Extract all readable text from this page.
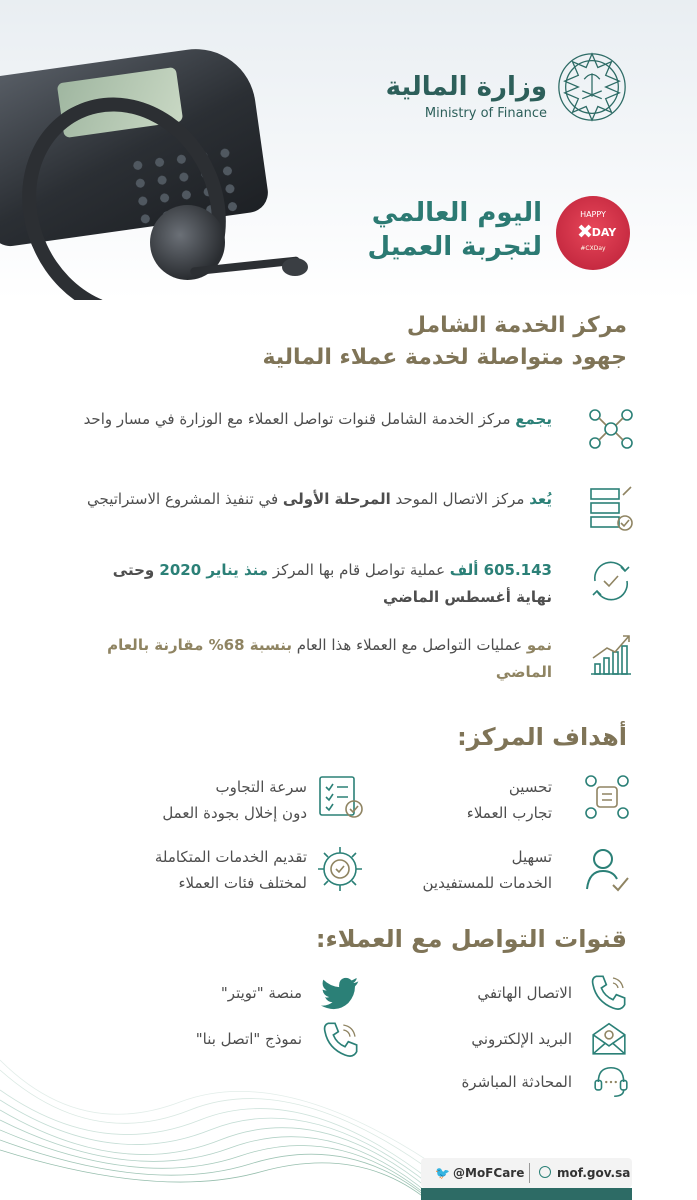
وزارة المالية
Ministry of Finance
HAPPY
DAY
#CXDay
اليوم العالمي
لتجربة العميل
مركز الخدمة الشامل
جهود متواصلة لخدمة عملاء المالية
يجمع مركز الخدمة الشامل قنوات تواصل العملاء مع الوزارة في مسار واحد
يُعد مركز الاتصال الموحد المرحلة الأولى في تنفيذ المشروع الاستراتيجي
605.143 ألف عملية تواصل قام بها المركز منذ يناير 2020 وحتى نهاية أغسطس الماضي
نمو عمليات التواصل مع العملاء هذا العام بنسبة 68% مقارنة بالعام الماضي
أهداف المركز:
تحسين
تجارب العملاء
سرعة التجاوب
دون إخلال بجودة العمل
تسهيل
الخدمات للمستفيدين
تقديم الخدمات المتكاملة
لمختلف فئات العملاء
قنوات التواصل مع العملاء:
الاتصال الهاتفي
منصة "تويتر"
البريد الإلكتروني
نموذج "اتصل بنا"
المحادثة المباشرة
🐦 @MoFCare	mof.gov.sa
